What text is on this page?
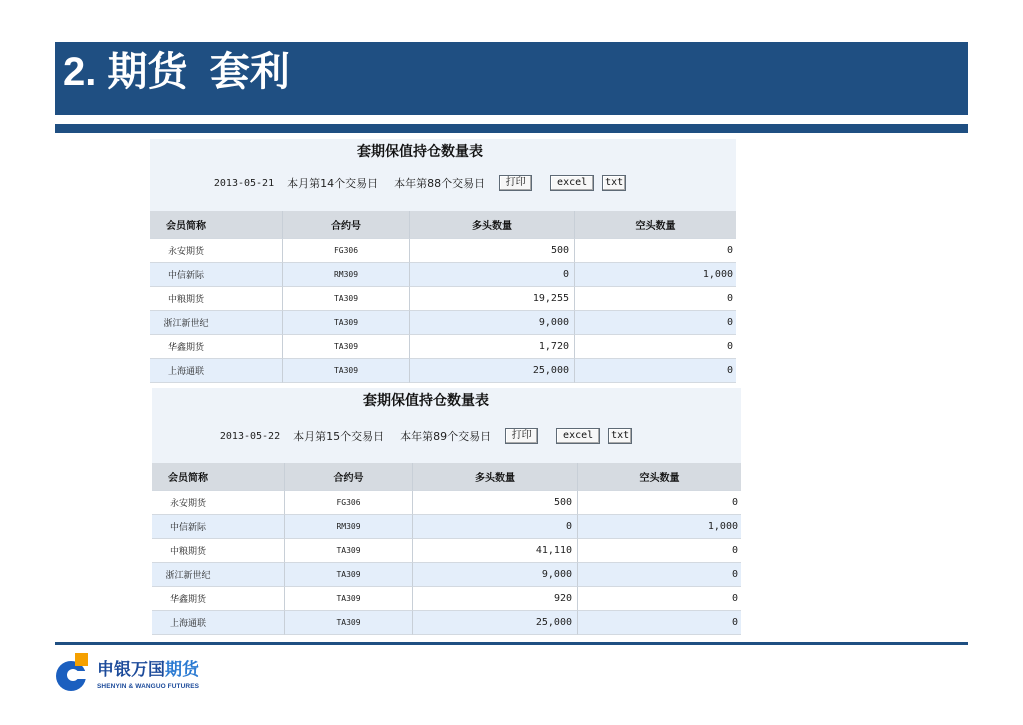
2. 期货  套利
套期保值持仓数量表
2013-05-21 本月第14个交易日 本年第88个交易日	打印	excel	txt
会员简称	合约号	多头数量	空头数量
永安期货	FG306	500	0
中信新际	RM309	0	1,000
中粮期货	TA309	19,255	0
浙江新世纪	TA309	9,000	0
华鑫期货	TA309	1,720	0
上海通联	TA309	25,000	0
套期保值持仓数量表
2013-05-22 本月第15个交易日 本年第89个交易日	打印	excel	txt
会员简称	合约号	多头数量	空头数量
永安期货	FG306	500	0
中信新际	RM309	0	1,000
中粮期货	TA309	41,110	0
浙江新世纪	TA309	9,000	0
华鑫期货	TA309	920	0
上海通联	TA309	25,000	0
申银万国期货
SHENYIN & WANGUO FUTURES
